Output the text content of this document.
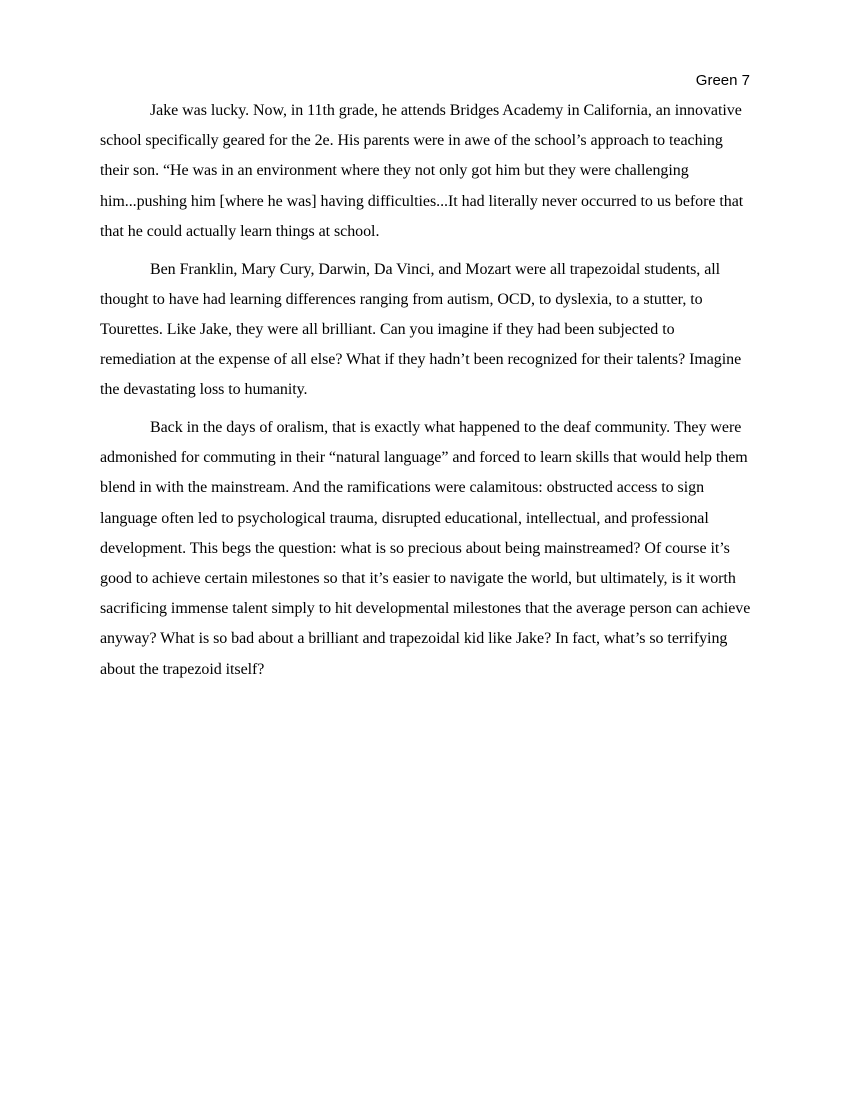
Green 7

Jake was lucky. Now, in 11th grade, he attends Bridges Academy in California, an innovative school specifically geared for the 2e. His parents were in awe of the school’s approach to teaching their son. “He was in an environment where they not only got him but they were challenging him...pushing him [where he was] having difficulties...It had literally never occurred to us before that that he could actually learn things at school.

Ben Franklin, Mary Cury, Darwin, Da Vinci, and Mozart were all trapezoidal students, all thought to have had learning differences ranging from autism, OCD, to dyslexia, to a stutter, to Tourettes. Like Jake, they were all brilliant. Can you imagine if they had been subjected to remediation at the expense of all else? What if they hadn’t been recognized for their talents? Imagine the devastating loss to humanity.

Back in the days of oralism, that is exactly what happened to the deaf community. They were admonished for commuting in their “natural language” and forced to learn skills that would help them blend in with the mainstream. And the ramifications were calamitous: obstructed access to sign language often led to psychological trauma, disrupted educational, intellectual, and professional development. This begs the question: what is so precious about being mainstreamed? Of course it’s good to achieve certain milestones so that it’s easier to navigate the world, but ultimately, is it worth sacrificing immense talent simply to hit developmental milestones that the average person can achieve anyway? What is so bad about a brilliant and trapezoidal kid like Jake? In fact, what’s so terrifying about the trapezoid itself?
